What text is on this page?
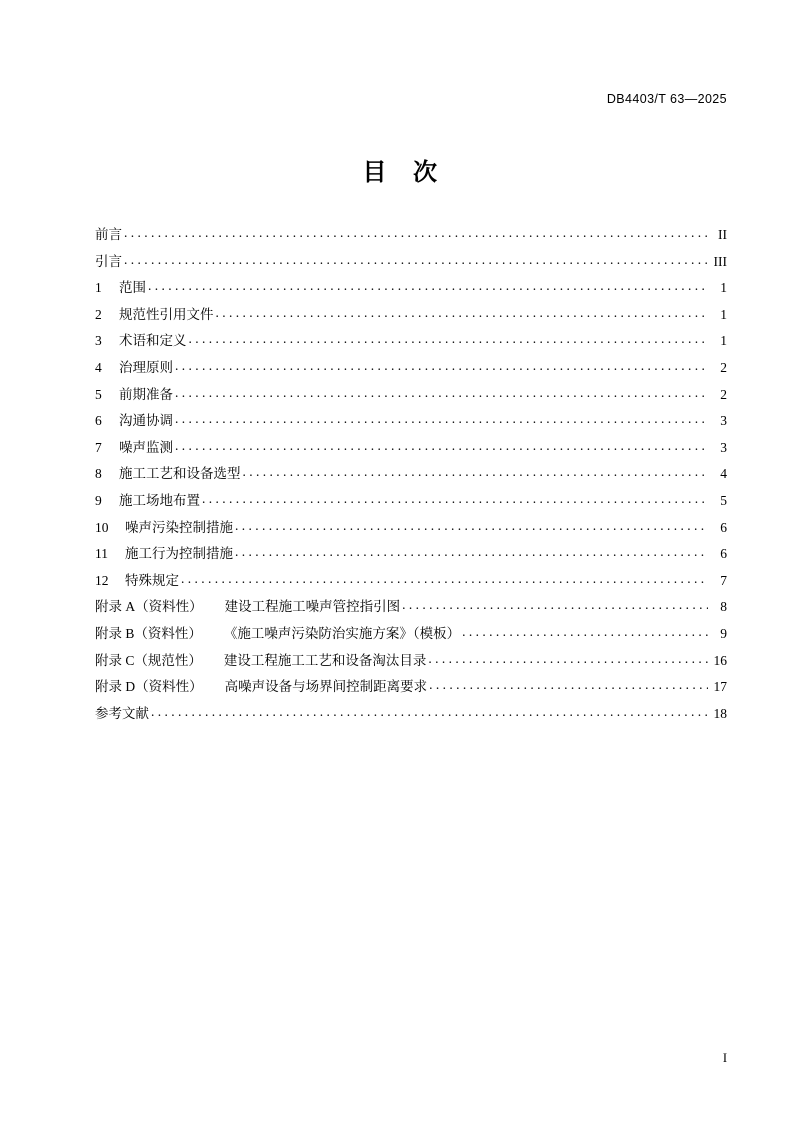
DB4403/T 63—2025
目 次
前言 . . .	II
引言 . . .	III
1	范围 . . .	1
2	规范性引用文件 . . .	1
3	术语和定义 . . .	1
4	治理原则 . . .	2
5	前期准备 . . .	2
6	沟通协调 . . .	3
7	噪声监测 . . .	3
8	施工工艺和设备选型 . . .	4
9	施工场地布置 . . .	5
10	噪声污染控制措施 . . .	6
11	施工行为控制措施 . . .	6
12	特殊规定 . . .	7
附录 A（资料性） 建设工程施工噪声管控指引图 . . .	8
附录 B（资料性） 《施工噪声污染防治实施方案》（模板） . . .	9
附录 C（规范性） 建设工程施工工艺和设备淘汰目录 . . .	16
附录 D（资料性） 高噪声设备与场界间控制距离要求 . . .	17
参考文献 . . .	18
I
